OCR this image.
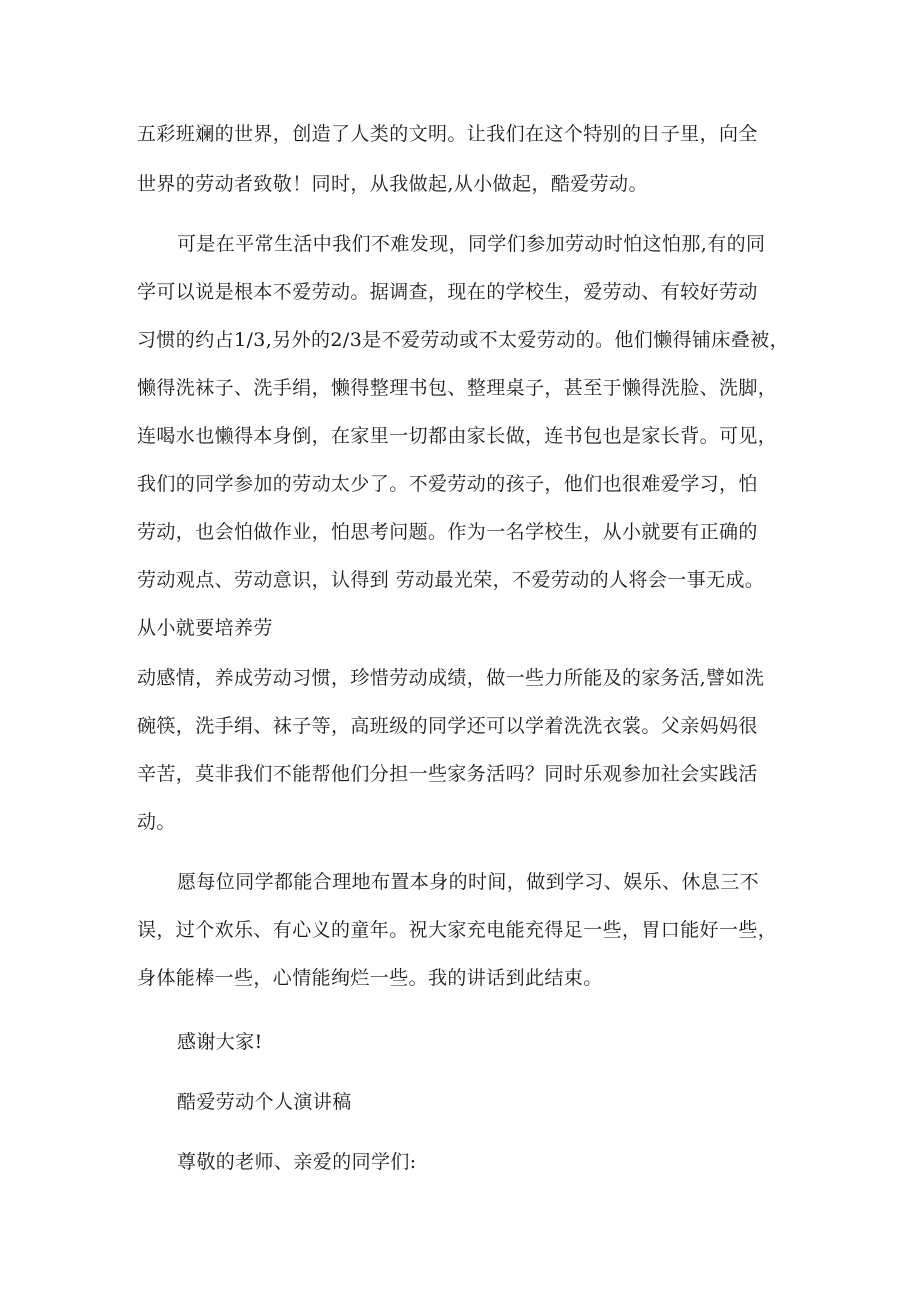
五彩班斓的世界，创造了人类的文明。让我们在这个特别的日子里，向全
世界的劳动者致敬！同时，从我做起,从小做起，酷爱劳动。
可是在平常生活中我们不难发现，同学们参加劳动时怕这怕那,有的同
学可以说是根本不爱劳动。据调查，现在的学校生，爱劳动、有较好劳动
习惯的约占1/3,另外的2/3是不爱劳动或不太爱劳动的。他们懒得铺床叠被，
懒得洗袜子、洗手绢，懒得整理书包、整理桌子，甚至于懒得洗脸、洗脚，
连喝水也懒得本身倒，在家里一切都由家长做，连书包也是家长背。可见，
我们的同学参加的劳动太少了。不爱劳动的孩子，他们也很难爱学习，怕
劳动，也会怕做作业，怕思考问题。作为一名学校生，从小就要有正确的
劳动观点、劳动意识，认得到 劳动最光荣，不爱劳动的人将会一事无成。
从小就要培养劳
动感情，养成劳动习惯，珍惜劳动成绩，做一些力所能及的家务活,譬如洗
碗筷，洗手绢、袜子等，高班级的同学还可以学着洗洗衣裳。父亲妈妈很
辛苦，莫非我们不能帮他们分担一些家务活吗？同时乐观参加社会实践活
动。
愿每位同学都能合理地布置本身的时间，做到学习、娱乐、休息三不
误，过个欢乐、有心义的童年。祝大家充电能充得足一些，胃口能好一些，
身体能棒一些，心情能绚烂一些。我的讲话到此结束。
感谢大家!
酷爱劳动个人演讲稿
尊敬的老师、亲爱的同学们:
